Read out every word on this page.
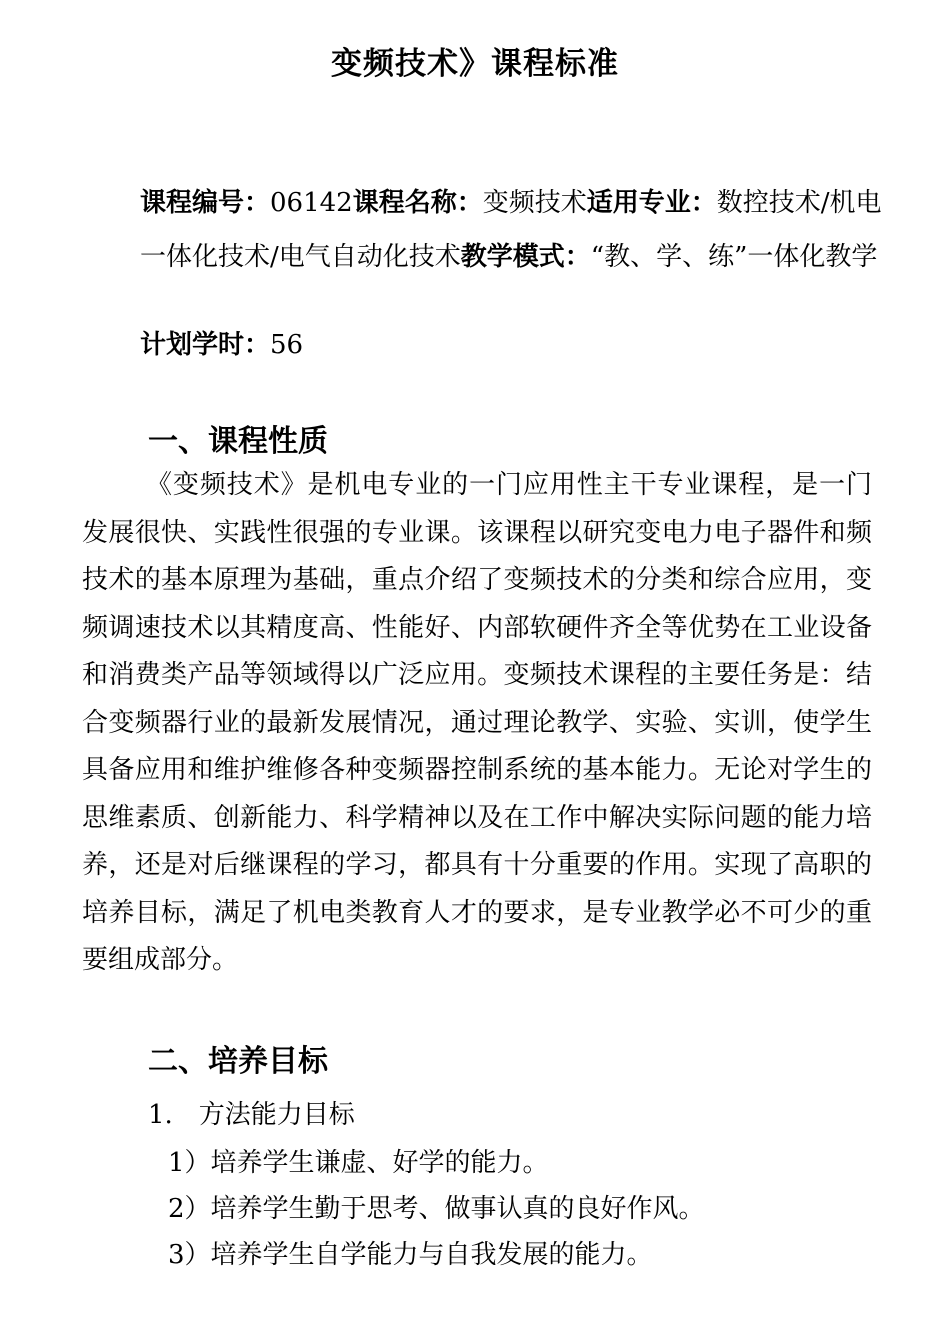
变频技术》课程标准
课程编号：06142课程名称：变频技术适用专业：数控技术/机电一体化技术/电气自动化技术教学模式：“教、学、练”一体化教学
计划学时：56
一、课程性质
《变频技术》是机电专业的一门应用性主干专业课程，是一门发展很快、实践性很强的专业课。该课程以研究变电力电子器件和频技术的基本原理为基础，重点介绍了变频技术的分类和综合应用，变频调速技术以其精度高、性能好、内部软硬件齐全等优势在工业设备和消费类产品等领域得以广泛应用。变频技术课程的主要任务是：结合变频器行业的最新发展情况，通过理论教学、实验、实训，使学生具备应用和维护维修各种变频器控制系统的基本能力。无论对学生的思维素质、创新能力、科学精神以及在工作中解决实际问题的能力培养，还是对后继课程的学习，都具有十分重要的作用。实现了高职的培养目标，满足了机电类教育人才的要求，是专业教学必不可少的重要组成部分。
二、培养目标
1.　方法能力目标
1）培养学生谦虚、好学的能力。
2）培养学生勤于思考、做事认真的良好作风。
3）培养学生自学能力与自我发展的能力。
